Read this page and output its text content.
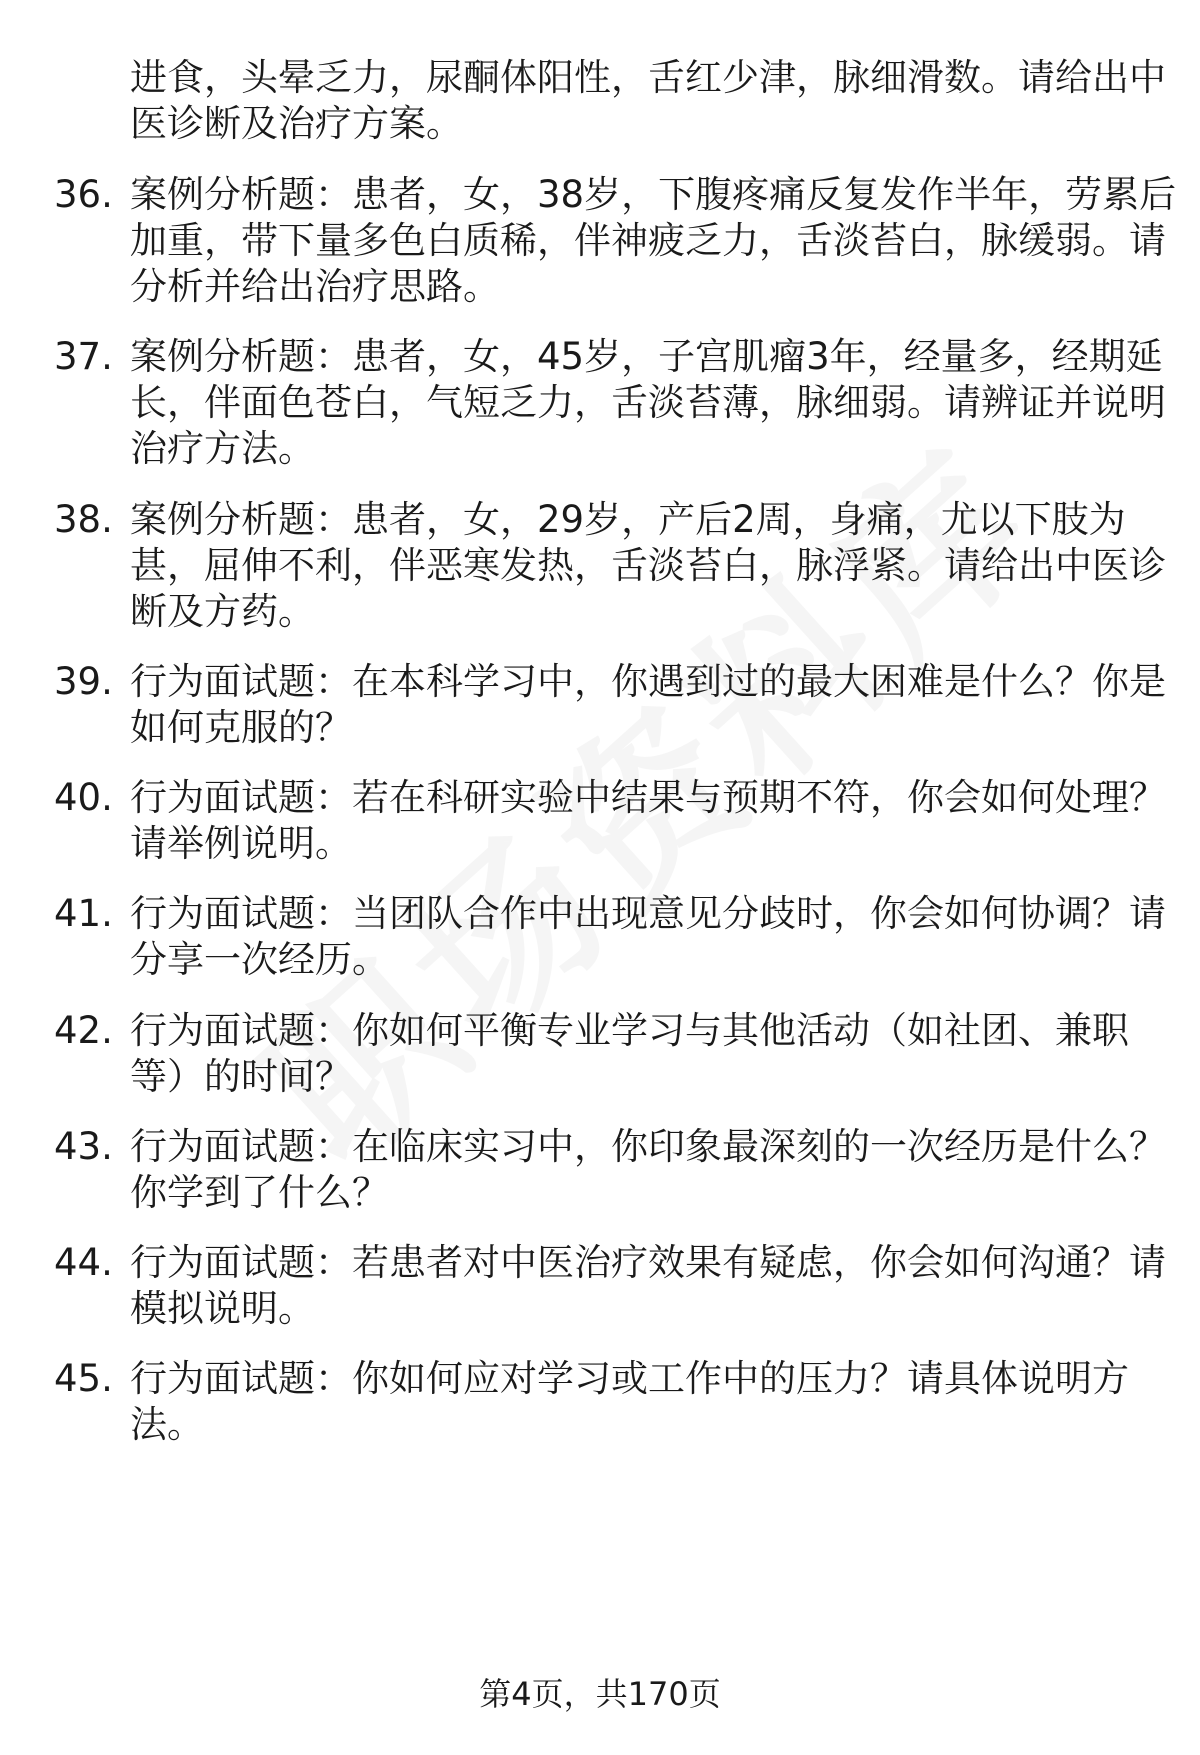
进食，头晕乏力，尿酮体阳性，舌红少津，脉细滑数。请给出中
医诊断及治疗方案。
36. 案例分析题：患者，女，38岁，下腹疼痛反复发作半年，劳累后
加重，带下量多色白质稀，伴神疲乏力，舌淡苔白，脉缓弱。请
分析并给出治疗思路。
37. 案例分析题：患者，女，45岁，子宫肌瘤3年，经量多，经期延
长，伴面色苍白，气短乏力，舌淡苔薄，脉细弱。请辨证并说明
治疗方法。
38. 案例分析题：患者，女，29岁，产后2周，身痛，尤以下肢为
甚，屈伸不利，伴恶寒发热，舌淡苔白，脉浮紧。请给出中医诊
断及方药。
39. 行为面试题：在本科学习中，你遇到过的最大困难是什么？你是
如何克服的？
40. 行为面试题：若在科研实验中结果与预期不符，你会如何处理？
请举例说明。
41. 行为面试题：当团队合作中出现意见分歧时，你会如何协调？请
分享一次经历。
42. 行为面试题：你如何平衡专业学习与其他活动（如社团、兼职
等）的时间？
43. 行为面试题：在临床实习中，你印象最深刻的一次经历是什么？
你学到了什么？
44. 行为面试题：若患者对中医治疗效果有疑虑，你会如何沟通？请
模拟说明。
45. 行为面试题：你如何应对学习或工作中的压力？请具体说明方
法。
第4页，共170页
